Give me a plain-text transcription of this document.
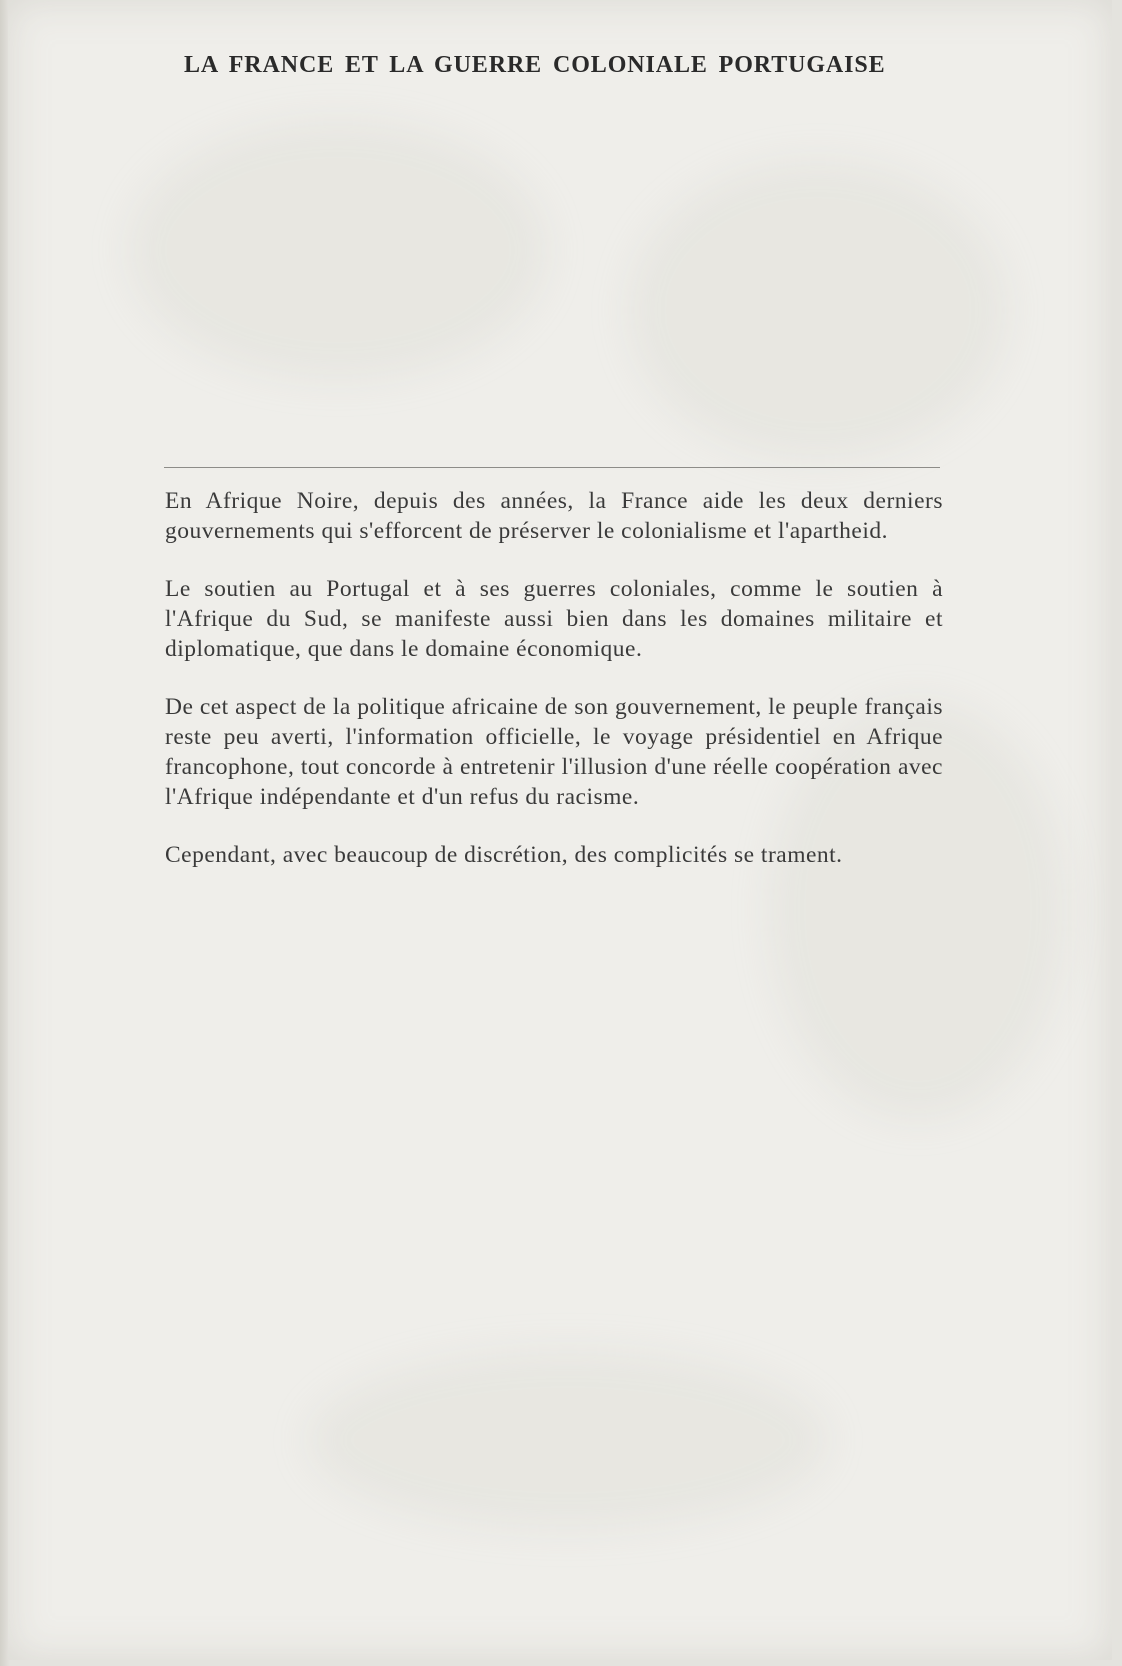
LA FRANCE ET LA GUERRE COLONIALE PORTUGAISE

En Afrique Noire, depuis des années, la France aide les deux derniers gouvernements qui s'efforcent de préserver le colonialisme et l'apartheid.

Le soutien au Portugal et à ses guerres coloniales, comme le soutien à l'Afrique du Sud, se manifeste aussi bien dans les domaines militaire et diplomatique, que dans le domaine économique.

De cet aspect de la politique africaine de son gouvernement, le peuple français reste peu averti, l'information officielle, le voyage présidentiel en Afrique francophone, tout concorde à entretenir l'illusion d'une réelle coopération avec l'Afrique indépendante et d'un refus du racisme.

Cependant, avec beaucoup de discrétion, des complicités se trament.
